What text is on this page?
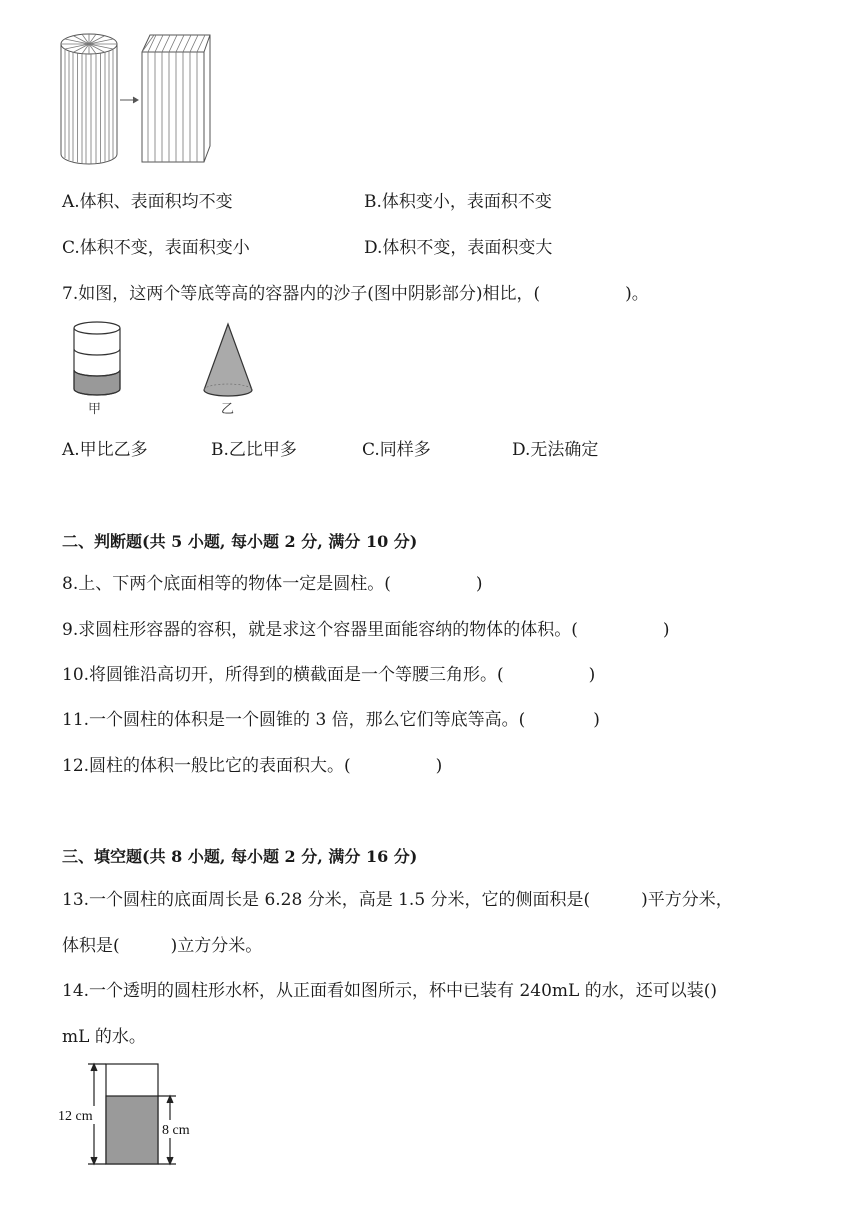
A.体积、表面积均不变	B.体积变小，表面积不变
C.体积不变，表面积变小	D.体积不变，表面积变大
7.如图，这两个等底等高的容器内的沙子(图中阴影部分)相比，(　　　　　)。
甲	乙
A.甲比乙多	B.乙比甲多	C.同样多	D.无法确定
二、判断题(共 5 小题, 每小题 2 分, 满分 10 分)
8.上、下两个底面相等的物体一定是圆柱。(　　　　　)
9.求圆柱形容器的容积，就是求这个容器里面能容纳的物体的体积。(　　　　　)
10.将圆锥沿高切开，所得到的横截面是一个等腰三角形。(　　　　　)
11.一个圆柱的体积是一个圆锥的 3 倍，那么它们等底等高。(　　　　)
12.圆柱的体积一般比它的表面积大。(　　　　　)
三、填空题(共 8 小题, 每小题 2 分, 满分 16 分)
13.一个圆柱的底面周长是 6.28 分米，高是 1.5 分米，它的侧面积是(　　　)平方分米，
体积是(　　　)立方分米。
14.一个透明的圆柱形水杯，从正面看如图所示，杯中已装有 240mL 的水，还可以装()
mL 的水。
12 cm
8 cm
